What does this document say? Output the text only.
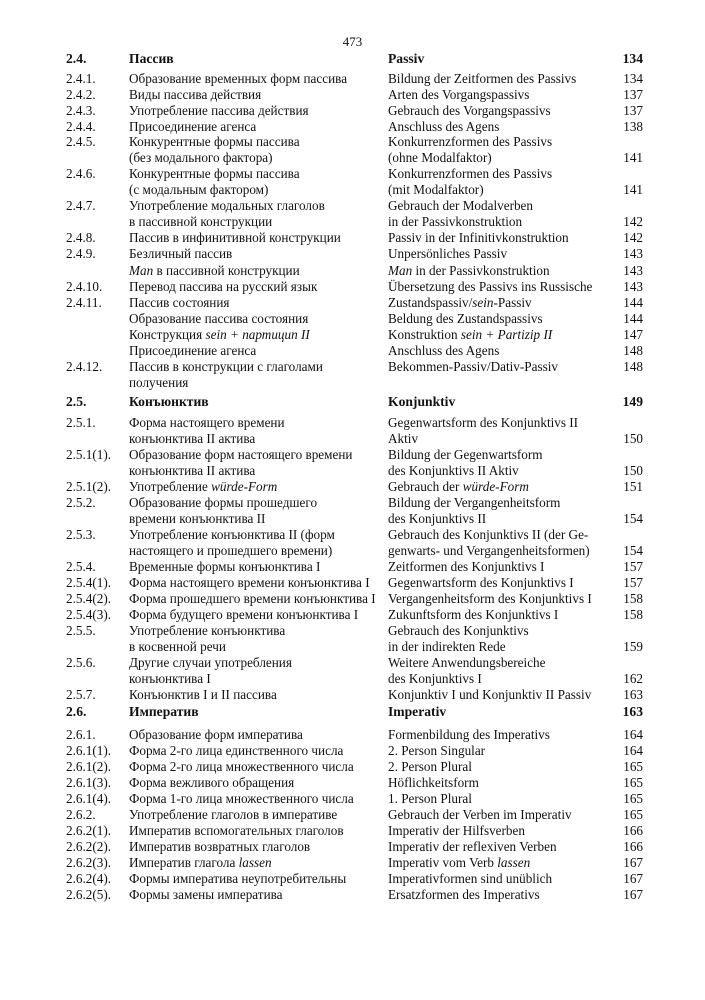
473
2.4.	Пассив	Passiv	134
2.4.1.	Образование временных форм пассива	Bildung der Zeitformen des Passivs	134
2.4.2.	Виды пассива действия	Arten des Vorgangspassivs	137
2.4.3.	Употребление пассива действия	Gebrauch des Vorgangspassivs	137
2.4.4.	Присоединение агенса	Anschluss des Agens	138
2.4.5.	Конкурентные формы пассива	Konkurrenzformen des Passivs
(без модального фактора)	(ohne Modalfaktor)	141
2.4.6.	Конкурентные формы пассива	Konkurrenzformen des Passivs
(с модальным фактором)	(mit Modalfaktor)	141
2.4.7.	Употребление модальных глаголов	Gebrauch der Modalverben
в пассивной конструкции	in der Passivkonstruktion	142
2.4.8.	Пассив в инфинитивной конструкции	Passiv in der Infinitivkonstruktion	142
2.4.9.	Безличный пассив	Unpersönliches Passiv	143
Man в пассивной конструкции	Man in der Passivkonstruktion	143
2.4.10. Перевод пассива на русский язык	Übersetzung des Passivs ins Russische	143
2.4.11. Пассив состояния	Zustandspassiv/sein-Passiv	144
Образование пассива состояния	Beldung des Zustandspassivs	144
Конструкция sein + партицип II	Konstruktion sein + Partizip II	147
Присоединение агенса	Anschluss des Agens	148
2.4.12. Пассив в конструкции с глаголами	Bekommen-Passiv/Dativ-Passiv	148
получения
2.5.	Конъюнктив	Konjunktiv	149
2.5.1.	Форма настоящего времени	Gegenwartsform des Konjunktivs II
конъюнктива II актива	Aktiv	150
2.5.1(1). Образование форм настоящего времени	Bildung der Gegenwartsform
конъюнктива II актива	des Konjunktivs II Aktiv	150
2.5.1(2). Употребление würde-Form	Gebrauch der würde-Form	151
2.5.2.	Образование формы прошедшего	Bildung der Vergangenheitsform
времени конъюнктива II	des Konjunktivs II	154
2.5.3.	Употребление конъюнктива II (форм	Gebrauch des Konjunktivs II (der Ge-
настоящего и прошедшего времени)	genwarts- und Vergangenheitsformen)	154
2.5.4.	Временные формы конъюнктива I	Zeitformen des Konjunktivs I	157
2.5.4(1). Форма настоящего времени конъюнктива I Gegenwartsform des Konjunktivs I	157
2.5.4(2). Форма прошедшего времени конъюнктива I Vergangenheitsform des Konjunktivs I	158
2.5.4(3). Форма будущего времени конъюнктива I Zukunftsform des Konjunktivs I	158
2.5.5.	Употребление конъюнктива	Gebrauch des Konjunktivs
в косвенной речи	in der indirekten Rede	159
2.5.6.	Другие случаи употребления	Weitere Anwendungsbereiche
конъюнктива I	des Konjunktivs I	162
2.5.7.	Конъюнктив I и II пассива	Konjunktiv I und Konjunktiv II Passiv	163
2.6.	Императив	Imperativ	163
2.6.1.	Образование форм императива	Formenbildung des Imperativs	164
2.6.1(1). Форма 2-го лица единственного числа	2. Person Singular	164
2.6.1(2). Форма 2-го лица множественного числа	2. Person Plural	165
2.6.1(3). Форма вежливого обращения	Höflichkeitsform	165
2.6.1(4). Форма 1-го лица множественного числа	1. Person Plural	165
2.6.2.	Употребление глаголов в императиве	Gebrauch der Verben im Imperativ	165
2.6.2(1). Императив вспомогательных глаголов	Imperativ der Hilfsverben	166
2.6.2(2). Императив возвратных глаголов	Imperativ der reflexiven Verben	166
2.6.2(3). Императив глагола lassen	Imperativ vom Verb lassen	167
2.6.2(4). Формы императива неупотребительны	Imperativformen sind unüblich	167
2.6.2(5). Формы замены императива	Ersatzformen des Imperativs	167
